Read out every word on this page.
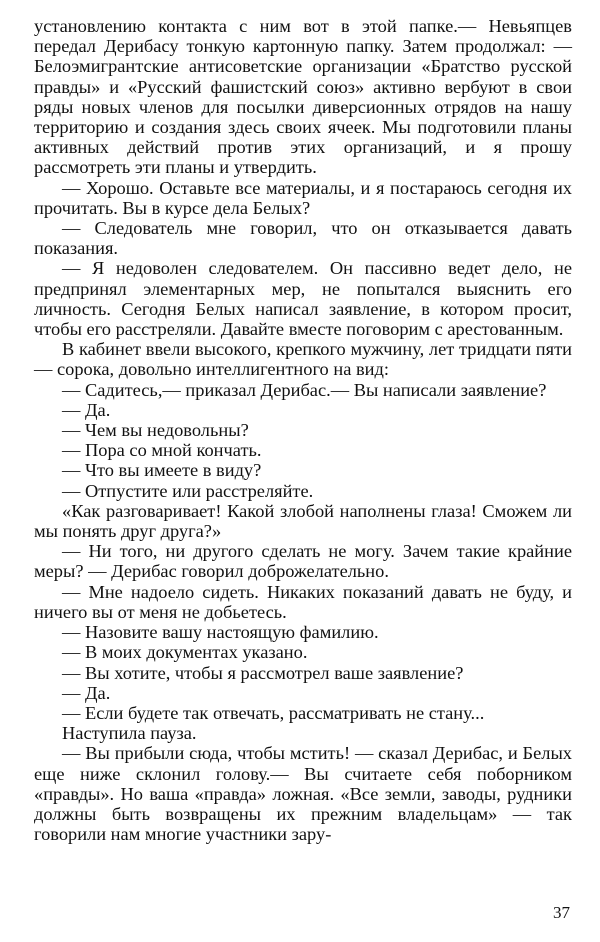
установлению контакта с ним вот в этой папке.— Невьяпцев передал Дерибасу тонкую картонную папку. Затем продолжал: — Белоэмигрантские антисоветские организации «Братство русской правды» и «Русский фашистский союз» активно вербуют в свои ряды новых членов для посылки диверсионных отрядов на нашу территорию и создания здесь своих ячеек. Мы подготовили планы активных действий против этих организаций, и я прошу рассмотреть эти планы и утвердить.

— Хорошо. Оставьте все материалы, и я постараюсь сегодня их прочитать. Вы в курсе дела Белых?

— Следователь мне говорил, что он отказывается давать показания.

— Я недоволен следователем. Он пассивно ведет дело, не предпринял элементарных мер, не попытался выяснить его личность. Сегодня Белых написал заявление, в котором просит, чтобы его расстреляли. Давайте вместе поговорим с арестованным.

В кабинет ввели высокого, крепкого мужчину, лет тридцати пяти — сорока, довольно интеллигентного на вид:

— Садитесь,— приказал Дерибас.— Вы написали заявление?

— Да.

— Чем вы недовольны?

— Пора со мной кончать.

— Что вы имеете в виду?

— Отпустите или расстреляйте.

«Как разговаривает! Какой злобой наполнены глаза! Сможем ли мы понять друг друга?»

— Ни того, ни другого сделать не могу. Зачем такие крайние меры? — Дерибас говорил доброжелательно.

— Мне надоело сидеть. Никаких показаний давать не буду, и ничего вы от меня не добьетесь.

— Назовите вашу настоящую фамилию.

— В моих документах указано.

— Вы хотите, чтобы я рассмотрел ваше заявление?

— Да.

— Если будете так отвечать, рассматривать не стану...

Наступила пауза.

— Вы прибыли сюда, чтобы мстить! — сказал Дерибас, и Белых еще ниже склонил голову.— Вы считаете себя поборником «правды». Но ваша «правда» ложная. «Все земли, заводы, рудники должны быть возвращены их прежним владельцам» — так говорили нам многие участники зару-

37
